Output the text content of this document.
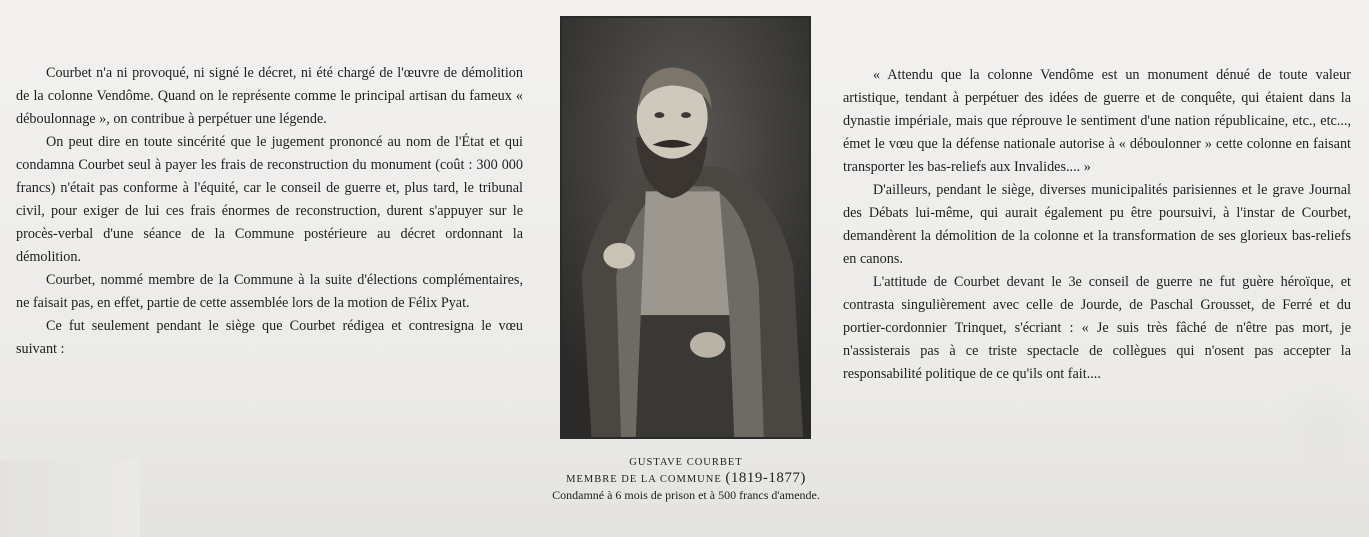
Courbet n'a ni provoqué, ni signé le décret, ni été chargé de l'œuvre de démolition de la colonne Vendôme. Quand on le représente comme le principal artisan du fameux « déboulonnage », on contribue à perpétuer une légende.

On peut dire en toute sincérité que le jugement prononcé au nom de l'État et qui condamna Courbet seul à payer les frais de reconstruction du monument (coût : 300 000 francs) n'était pas conforme à l'équité, car le conseil de guerre et, plus tard, le tribunal civil, pour exiger de lui ces frais énormes de reconstruction, durent s'appuyer sur le procès-verbal d'une séance de la Commune postérieure au décret ordonnant la démolition.

Courbet, nommé membre de la Commune à la suite d'élections complémentaires, ne faisait pas, en effet, partie de cette assemblée lors de la motion de Félix Pyat.

Ce fut seulement pendant le siège que Courbet rédigea et contresigna le vœu suivant :

GUSTAVE COURBET
MEMBRE DE LA COMMUNE (1819-1877)
Condamné à 6 mois de prison et à 500 francs d'amende.

« Attendu que la colonne Vendôme est un monument dénué de toute valeur artistique, tendant à perpétuer des idées de guerre et de conquête, qui étaient dans la dynastie impériale, mais que réprouve le sentiment d'une nation républicaine, etc., etc..., émet le vœu que la défense nationale autorise à « déboulonner » cette colonne en faisant transporter les bas-reliefs aux Invalides.... »

D'ailleurs, pendant le siège, diverses municipalités parisiennes et le grave Journal des Débats lui-même, qui aurait également pu être poursuivi, à l'instar de Courbet, demandèrent la démolition de la colonne et la transformation de ses glorieux bas-reliefs en canons.

L'attitude de Courbet devant le 3e conseil de guerre ne fut guère héroïque, et contrasta singulièrement avec celle de Jourde, de Paschal Grousset, de Ferré et du portier-cordonnier Trinquet, s'écriant : « Je suis très fâché de n'être pas mort, je n'assisterais pas à ce triste spectacle de collègues qui n'osent pas accepter la responsabilité politique de ce qu'ils ont fait....
